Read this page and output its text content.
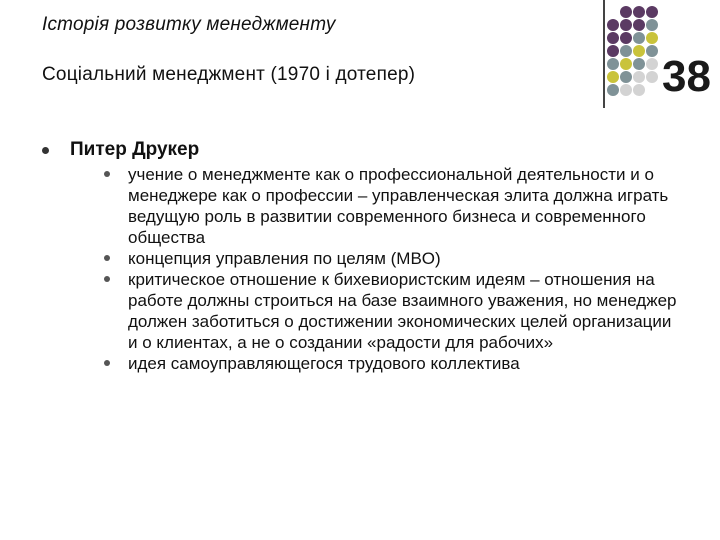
Історія розвитку менеджменту
Соціальний менеджмент (1970 і дотепер)	38
Питер Друкер
учение о менеджменте как о профессиональной деятельности и о менеджере как о профессии – управленческая элита должна играть ведущую роль в развитии современного бизнеса и современного общества
концепция управления по целям (MBO)
критическое отношение к бихевиористским идеям – отношения на работе должны строиться на базе взаимного уважения, но менеджер должен заботиться о достижении экономических целей организации и о клиентах, а не о создании «радости для рабочих»
идея самоуправляющегося трудового коллектива
